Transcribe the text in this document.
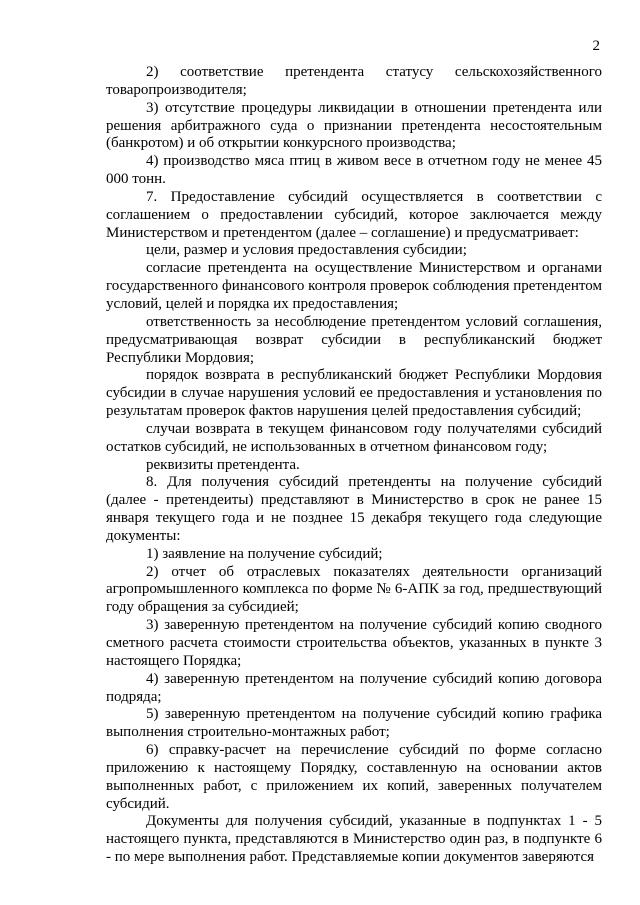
2

2) соответствие претендента статусу сельскохозяйственного товаропроизводителя;

3) отсутствие процедуры ликвидации в отношении претендента или решения арбитражного суда о признании претендента несостоятельным (банкротом) и об открытии конкурсного производства;

4) производство мяса птиц в живом весе в отчетном году не менее 45 000 тонн.

7. Предоставление субсидий осуществляется в соответствии с соглашением о предоставлении субсидий, которое заключается между Министерством и претендентом (далее – соглашение) и предусматривает:

цели, размер и условия предоставления субсидии;

согласие претендента на осуществление Министерством и органами государственного финансового контроля проверок соблюдения претендентом условий, целей и порядка их предоставления;

ответственность за несоблюдение претендентом условий соглашения, предусматривающая возврат субсидии в республиканский бюджет Республики Мордовия;

порядок возврата в республиканский бюджет Республики Мордовия субсидии в случае нарушения условий ее предоставления и установления по результатам проверок фактов нарушения целей предоставления субсидий;

случаи возврата в текущем финансовом году получателями субсидий остатков субсидий, не использованных в отчетном финансовом году;

реквизиты претендента.

8. Для получения субсидий претенденты на получение субсидий (далее - претендеиты) представляют в Министерство в срок не ранее 15 января текущего года и не позднее 15 декабря текущего года следующие документы:

1) заявление на получение субсидий;

2) отчет об отраслевых показателях деятельности организаций агропромышленного комплекса по форме № 6-АПК за год, предшествующий году обращения за субсидией;

3) заверенную претендентом на получение субсидий копию сводного сметного расчета стоимости строительства объектов, указанных в пункте 3 настоящего Порядка;

4) заверенную претендентом на получение субсидий копию договора подряда;

5) заверенную претендентом на получение субсидий копию графика выполнения строительно-монтажных работ;

6) справку-расчет на перечисление субсидий по форме согласно приложению к настоящему Порядку, составленную на основании актов выполненных работ, с приложением их копий, заверенных получателем субсидий.

Документы для получения субсидий, указанные в подпунктах 1 - 5 настоящего пункта, представляются в Министерство один раз, в подпункте 6 - по мере выполнения работ. Представляемые копии документов заверяются
